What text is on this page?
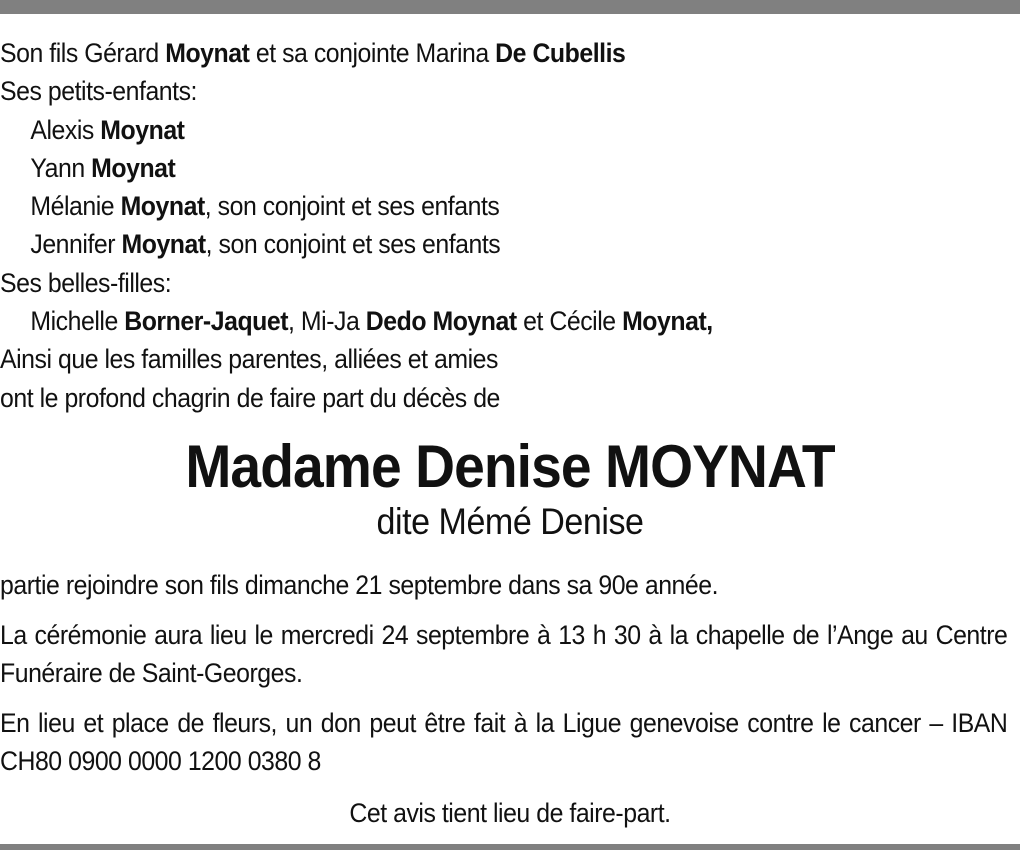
Son fils Gérard Moynat et sa conjointe Marina De Cubellis
Ses petits-enfants:
Alexis Moynat
Yann Moynat
Mélanie Moynat, son conjoint et ses enfants
Jennifer Moynat, son conjoint et ses enfants
Ses belles-filles:
Michelle Borner-Jaquet, Mi-Ja Dedo Moynat et Cécile Moynat,
Ainsi que les familles parentes, alliées et amies
ont le profond chagrin de faire part du décès de
Madame Denise MOYNAT
dite Mémé Denise
partie rejoindre son fils dimanche 21 septembre dans sa 90e année.
La cérémonie aura lieu le mercredi 24 septembre à 13 h 30 à la chapelle de l’Ange au Centre Funéraire de Saint-Georges.
En lieu et place de fleurs, un don peut être fait à la Ligue genevoise contre le cancer – IBAN CH80 0900 0000 1200 0380 8
Cet avis tient lieu de faire-part.
